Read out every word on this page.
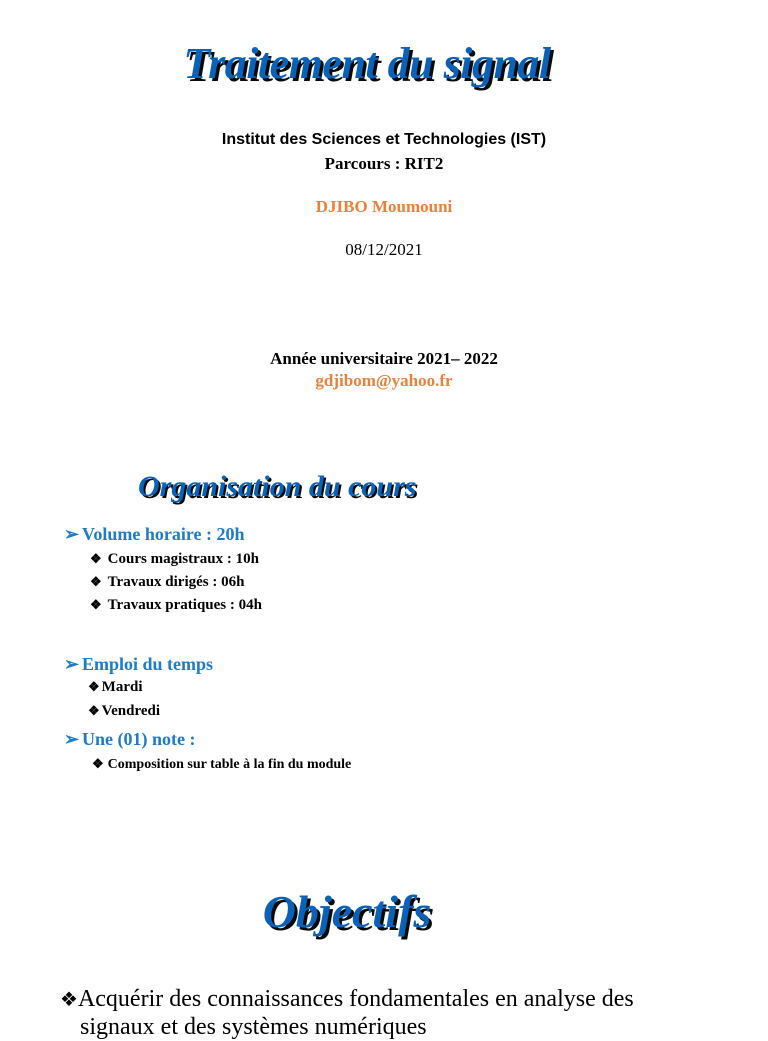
Traitement du signal
Institut des Sciences et Technologies (IST)
Parcours : RIT2
DJIBO Moumouni
08/12/2021
Année universitaire 2021– 2022
gdjibom@yahoo.fr
Organisation du cours
➢ Volume horaire : 20h
❖ Cours magistraux : 10h
❖ Travaux dirigés : 06h
❖ Travaux pratiques : 04h
➢ Emploi du temps
❖ Mardi
❖ Vendredi
➢ Une (01) note :
❖ Composition sur table à la fin du module
Objectifs
❖Acquérir des connaissances fondamentales en analyse des
signaux et des systèmes numériques
